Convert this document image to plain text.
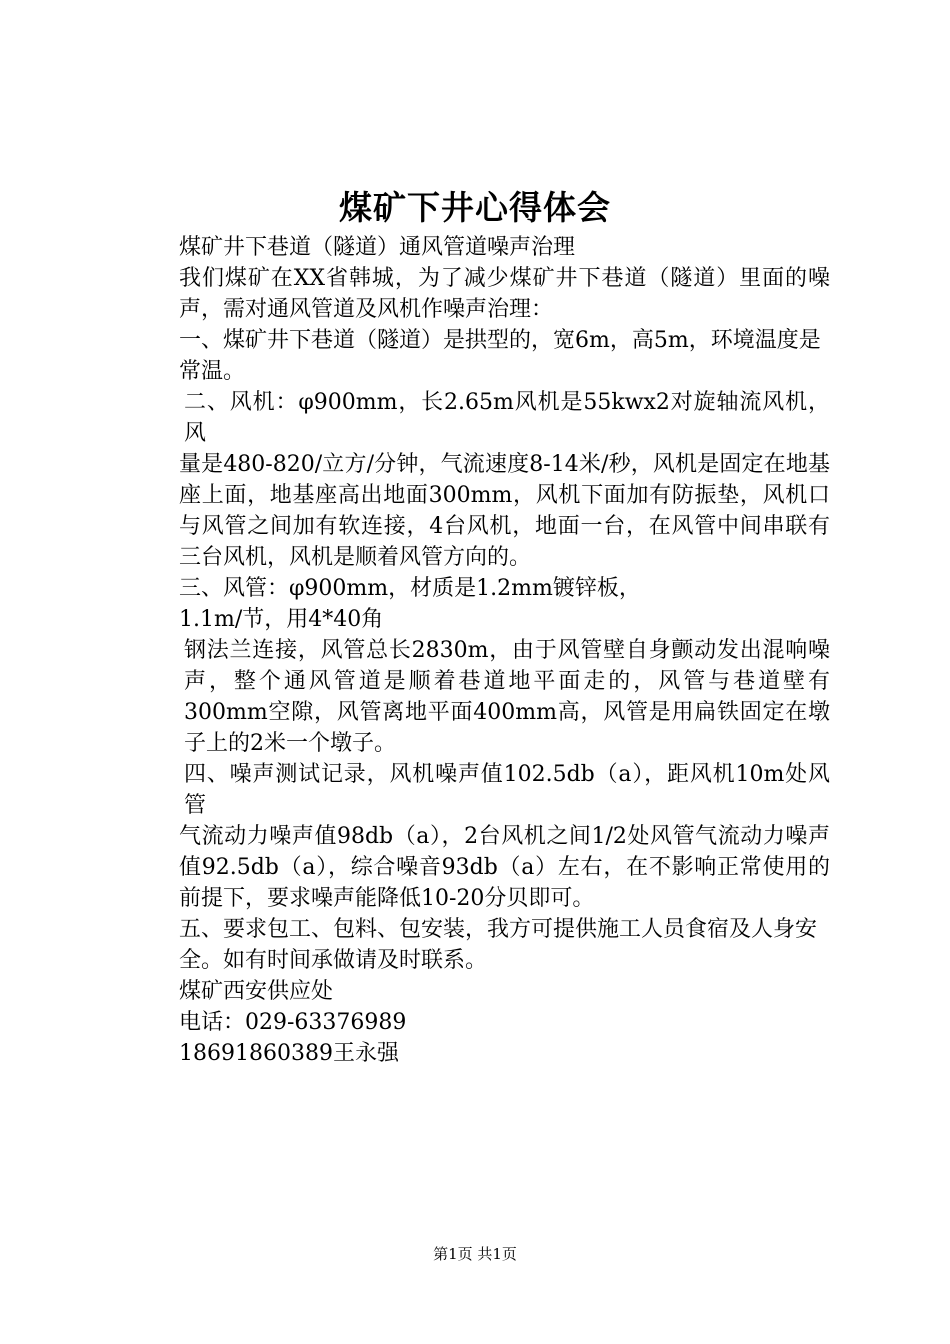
煤矿下井心得体会
煤矿井下巷道（隧道）通风管道噪声治理
我们煤矿在XX省韩城，为了减少煤矿井下巷道（隧道）里面的噪声，需对通风管道及风机作噪声治理：
一、煤矿井下巷道（隧道）是拱型的，宽6m，高5m，环境温度是
常温。
二、风机：φ900mm，长2.65m风机是55kwx2对旋轴流风机，风
量是480-820/立方/分钟，气流速度8-14米/秒，风机是固定在地基座上面，地基座高出地面300mm，风机下面加有防振垫，风机口与风管之间加有软连接，4台风机，地面一台，在风管中间串联有三台风机，风机是顺着风管方向的。
三、风管：φ900mm，材质是1.2mm镀锌板，
1.1m/节，用4*40角
钢法兰连接，风管总长2830m，由于风管壁自身颤动发出混响噪声，整个通风管道是顺着巷道地平面走的，风管与巷道壁有300mm空隙，风管离地平面400mm高，风管是用扁铁固定在墩子上的2米一个墩子。
四、噪声测试记录，风机噪声值102.5db（a），距风机10m处风管
气流动力噪声值98db（a），2台风机之间1/2处风管气流动力噪声值92.5db（a），综合噪音93db（a）左右，在不影响正常使用的前提下，要求噪声能降低10-20分贝即可。
五、要求包工、包料、包安装，我方可提供施工人员食宿及人身安
全。如有时间承做请及时联系。
煤矿西安供应处
电话：029-63376989
18691860389王永强
第1页 共1页
